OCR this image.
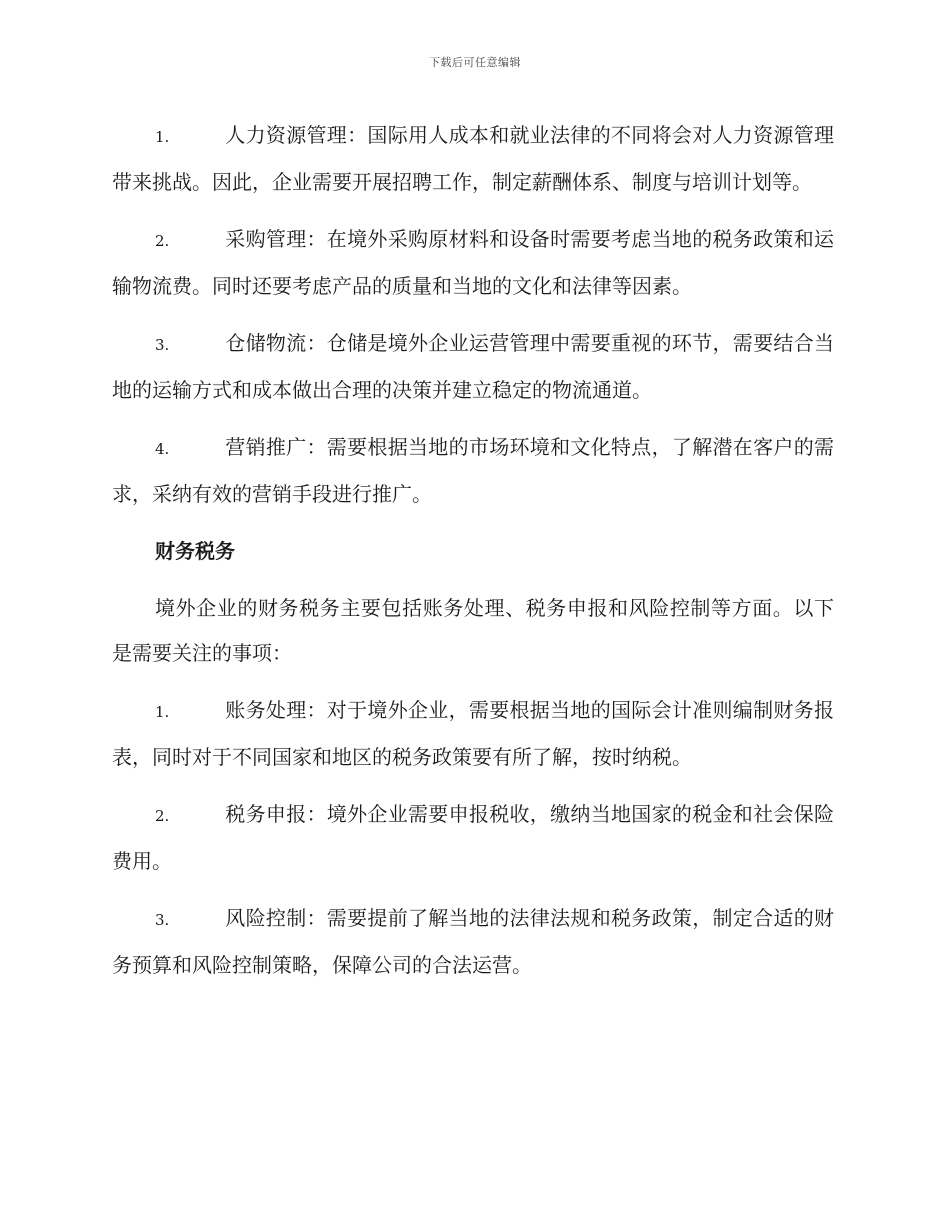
下载后可任意编辑

1.	人力资源管理：国际用人成本和就业法律的不同将会对人力资源管理带来挑战。因此，企业需要开展招聘工作，制定薪酬体系、制度与培训计划等。

2.	采购管理：在境外采购原材料和设备时需要考虑当地的税务政策和运输物流费。同时还要考虑产品的质量和当地的文化和法律等因素。

3.	仓储物流：仓储是境外企业运营管理中需要重视的环节，需要结合当地的运输方式和成本做出合理的决策并建立稳定的物流通道。

4.	营销推广：需要根据当地的市场环境和文化特点，了解潜在客户的需求，采纳有效的营销手段进行推广。

财务税务

境外企业的财务税务主要包括账务处理、税务申报和风险控制等方面。以下是需要关注的事项：

1.	账务处理：对于境外企业，需要根据当地的国际会计准则编制财务报表，同时对于不同国家和地区的税务政策要有所了解，按时纳税。

2.	税务申报：境外企业需要申报税收，缴纳当地国家的税金和社会保险费用。

3.	风险控制：需要提前了解当地的法律法规和税务政策，制定合适的财务预算和风险控制策略，保障公司的合法运营。
